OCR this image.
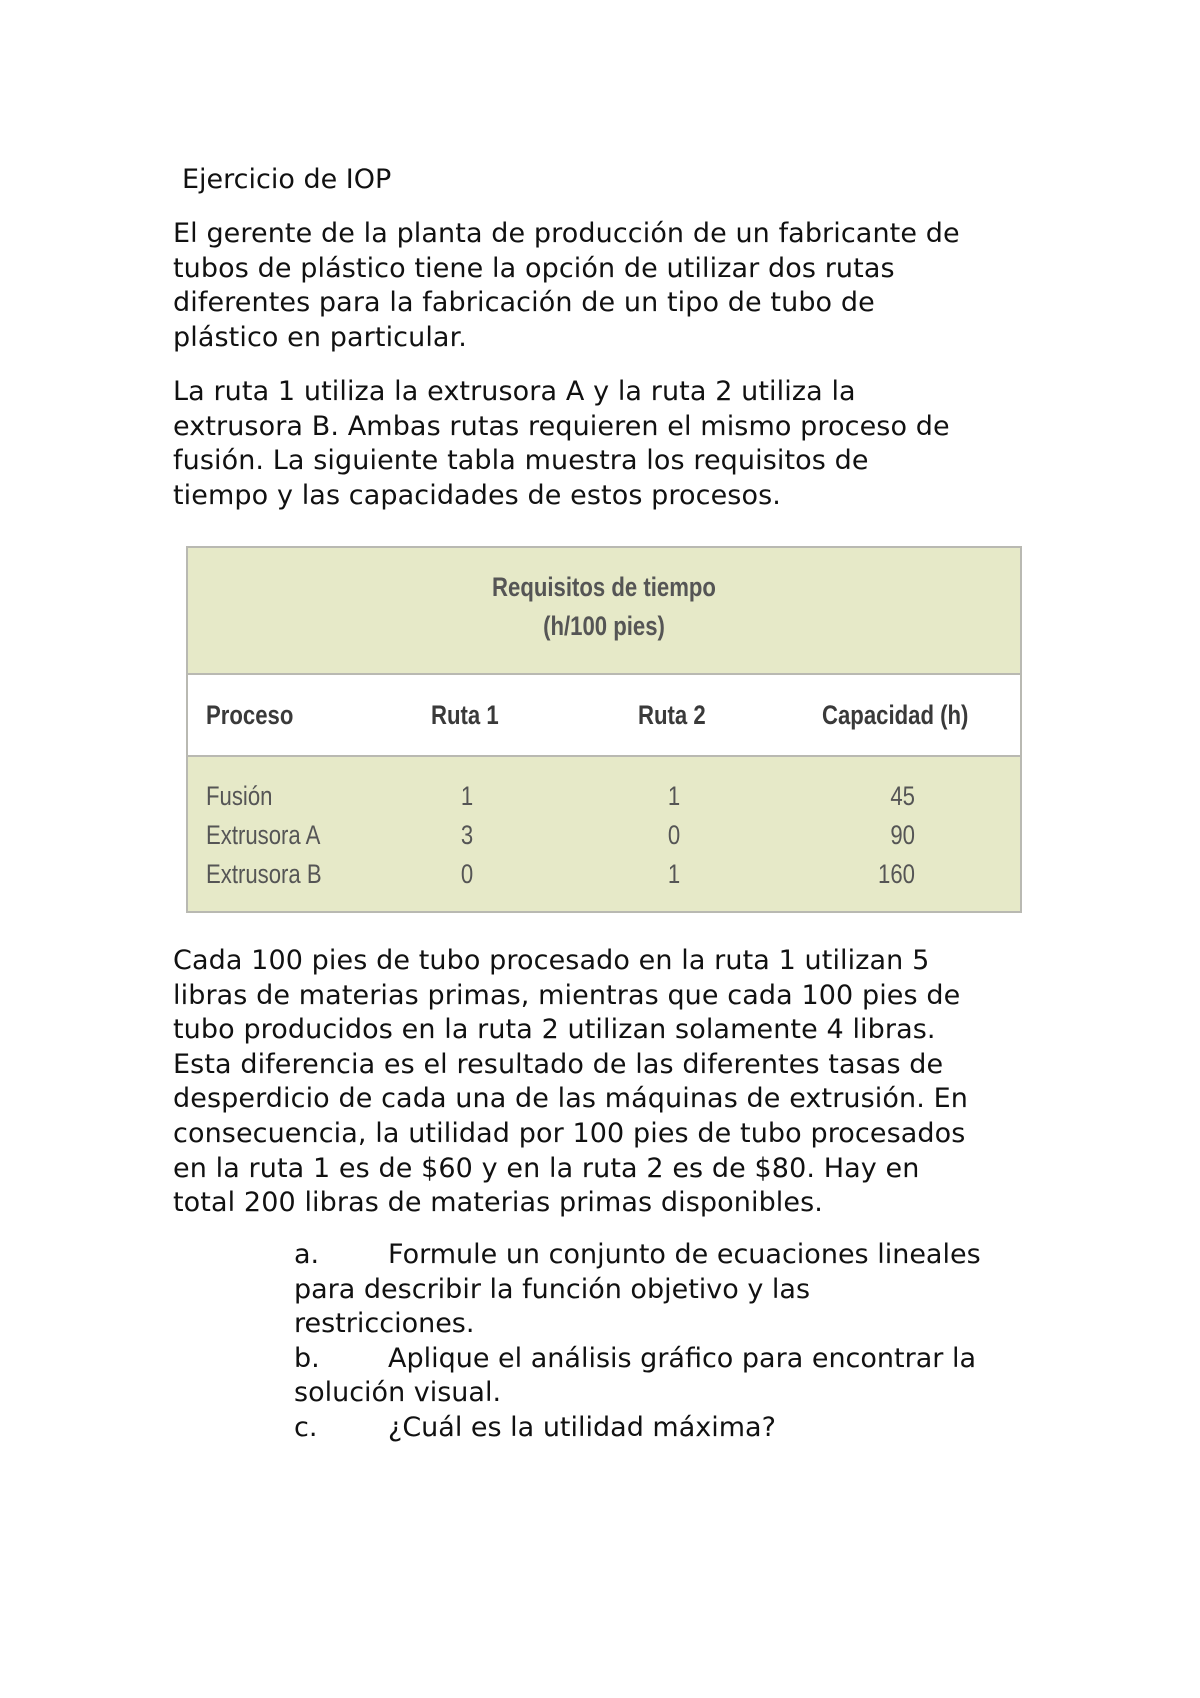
Ejercicio de IOP
El gerente de la planta de producción de un fabricante de
tubos de plástico tiene la opción de utilizar dos rutas
diferentes para la fabricación de un tipo de tubo de
plástico en particular.
La ruta 1 utiliza la extrusora A y la ruta 2 utiliza la
extrusora B. Ambas rutas requieren el mismo proceso de
fusión. La siguiente tabla muestra los requisitos de
tiempo y las capacidades de estos procesos.
Requisitos de tiempo
(h/100 pies)
Proceso	Ruta 1	Ruta 2	Capacidad (h)
Fusión	1	1	45
Extrusora A	3	0	90
Extrusora B	0	1	160
Cada 100 pies de tubo procesado en la ruta 1 utilizan 5
libras de materias primas, mientras que cada 100 pies de
tubo producidos en la ruta 2 utilizan solamente 4 libras.
Esta diferencia es el resultado de las diferentes tasas de
desperdicio de cada una de las máquinas de extrusión. En
consecuencia, la utilidad por 100 pies de tubo procesados
en la ruta 1 es de $60 y en la ruta 2 es de $80. Hay en
total 200 libras de materias primas disponibles.
a.	Formule un conjunto de ecuaciones lineales
para describir la función objetivo y las
restricciones.
b.	Aplique el análisis gráfico para encontrar la
solución visual.
c.	¿Cuál es la utilidad máxima?
